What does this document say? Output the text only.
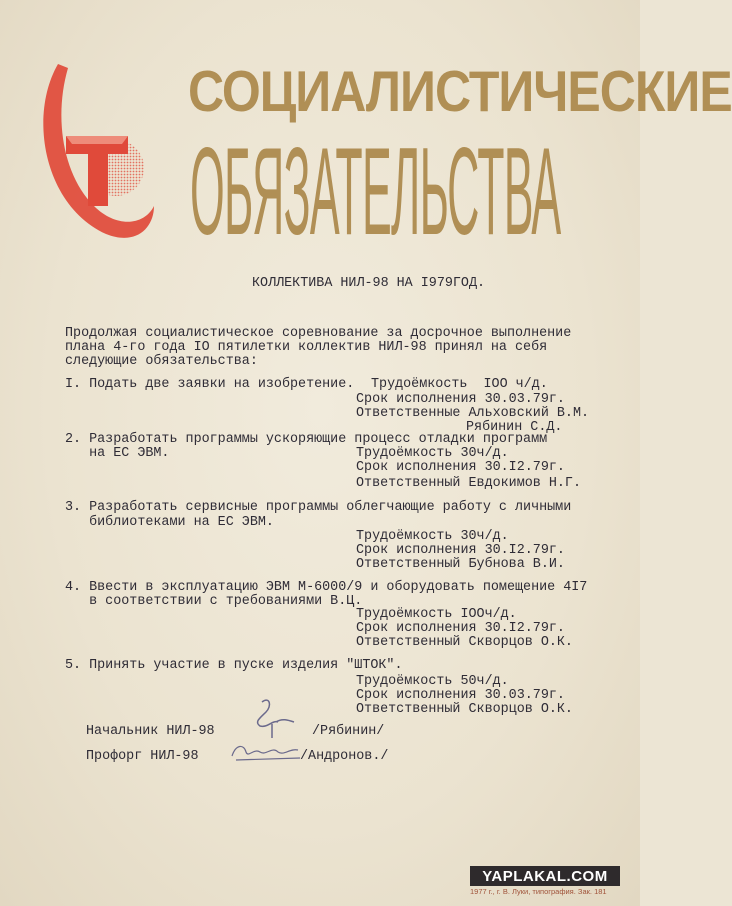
СОЦИАЛИСТИЧЕСКИЕ
ОБЯЗАТЕЛЬСТВА
КОЛЛЕКТИВА НИЛ-98 НА I979ГОД.
Продолжая социалистическое соревнование за досрочное выполнение
плана 4-го года IO пятилетки коллектив НИЛ-98 принял на себя
следующие обязательства:
I. Подать две заявки на изобретение. Трудоёмкость  IOO ч/д.
Срок исполнения 30.03.79г.
Ответственные Альховский В.М.
Рябинин С.Д.
2. Разработать программы ускоряющие процесс отладки программ
на ЕС ЭВМ.	Трудоёмкость 30ч/д.
Срок исполнения 30.I2.79г.
Ответственный Евдокимов Н.Г.
3. Разработать сервисные программы облегчающие работу с личными
библиотеками на ЕС ЭВМ.
Трудоёмкость 30ч/д.
Срок исполнения 30.I2.79г.
Ответственный Бубнова В.И.
4. Ввести в эксплуатацию ЭВМ М-6000/9 и оборудовать помещение 4I7
в соответствии с требованиями В.Ц.
Трудоёмкость IOOч/д.
Срок исполнения 30.I2.79г.
Ответственный Скворцов О.К.
5. Принять участие в пуске изделия "ШТОК".
Трудоёмкость 50ч/д.
Срок исполнения 30.03.79г.
Ответственный Скворцов О.К.
Начальник НИЛ-98	/Рябинин/
Профорг НИЛ-98	/Андронов./
YAPLAKAL.COM
1977 г., г. В. Луки, типография. Зак. 181
